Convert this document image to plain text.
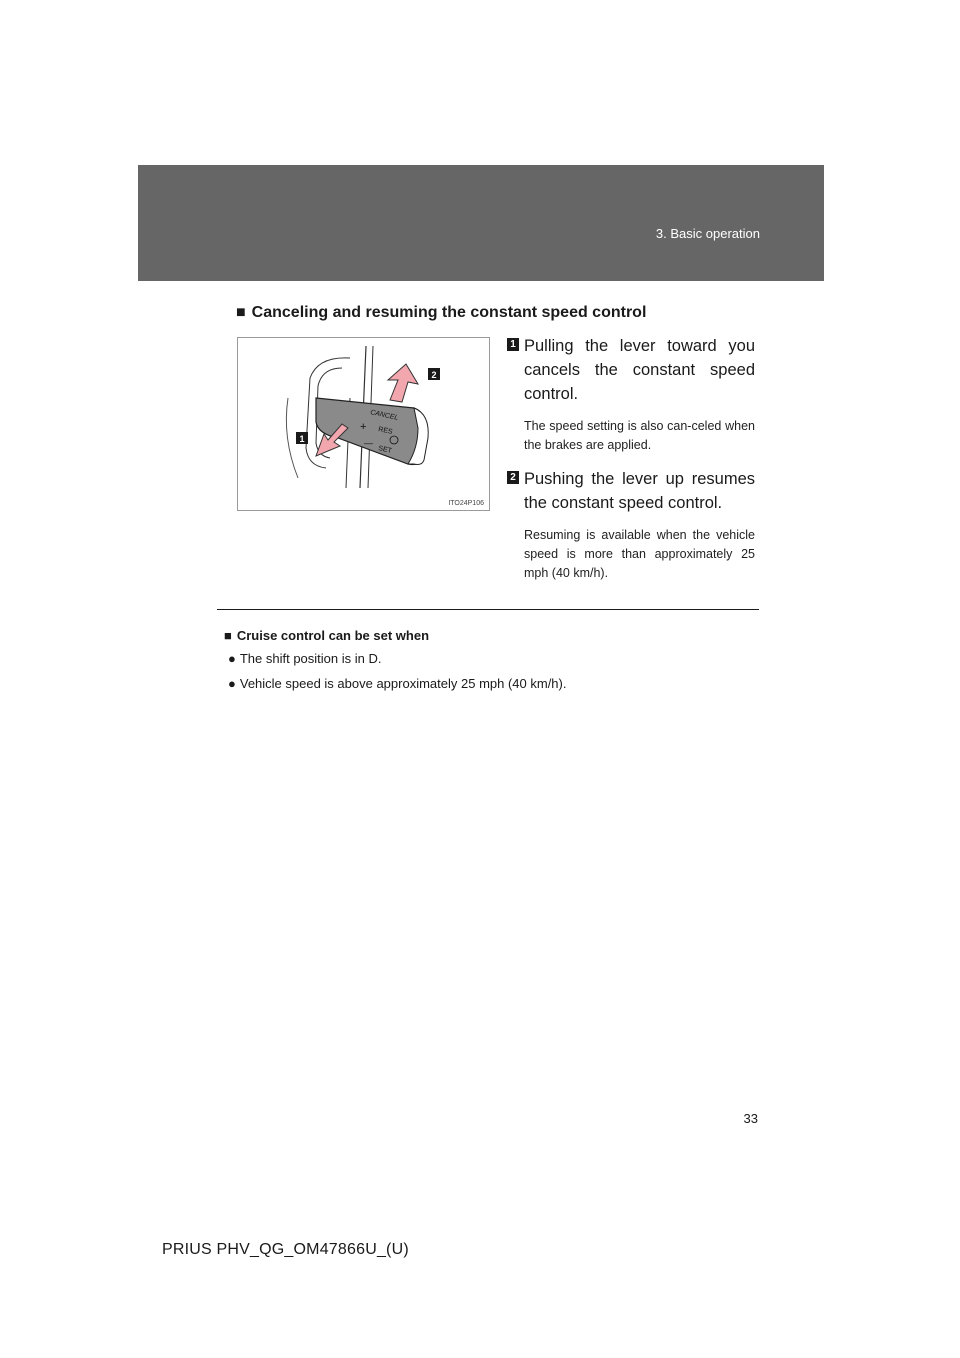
3. Basic operation
■ Canceling and resuming the constant speed control
CANCEL
+ RES
—
SET
2
1
ITO24P106
1 Pulling the lever toward you cancels the constant speed control.
The speed setting is also can-celed when the brakes are applied.
2 Pushing the lever up resumes the constant speed control.
Resuming is available when the vehicle speed is more than approximately 25 mph (40 km/h).
■ Cruise control can be set when
● The shift position is in D.
● Vehicle speed is above approximately 25 mph (40 km/h).
33
PRIUS PHV_QG_OM47866U_(U)
